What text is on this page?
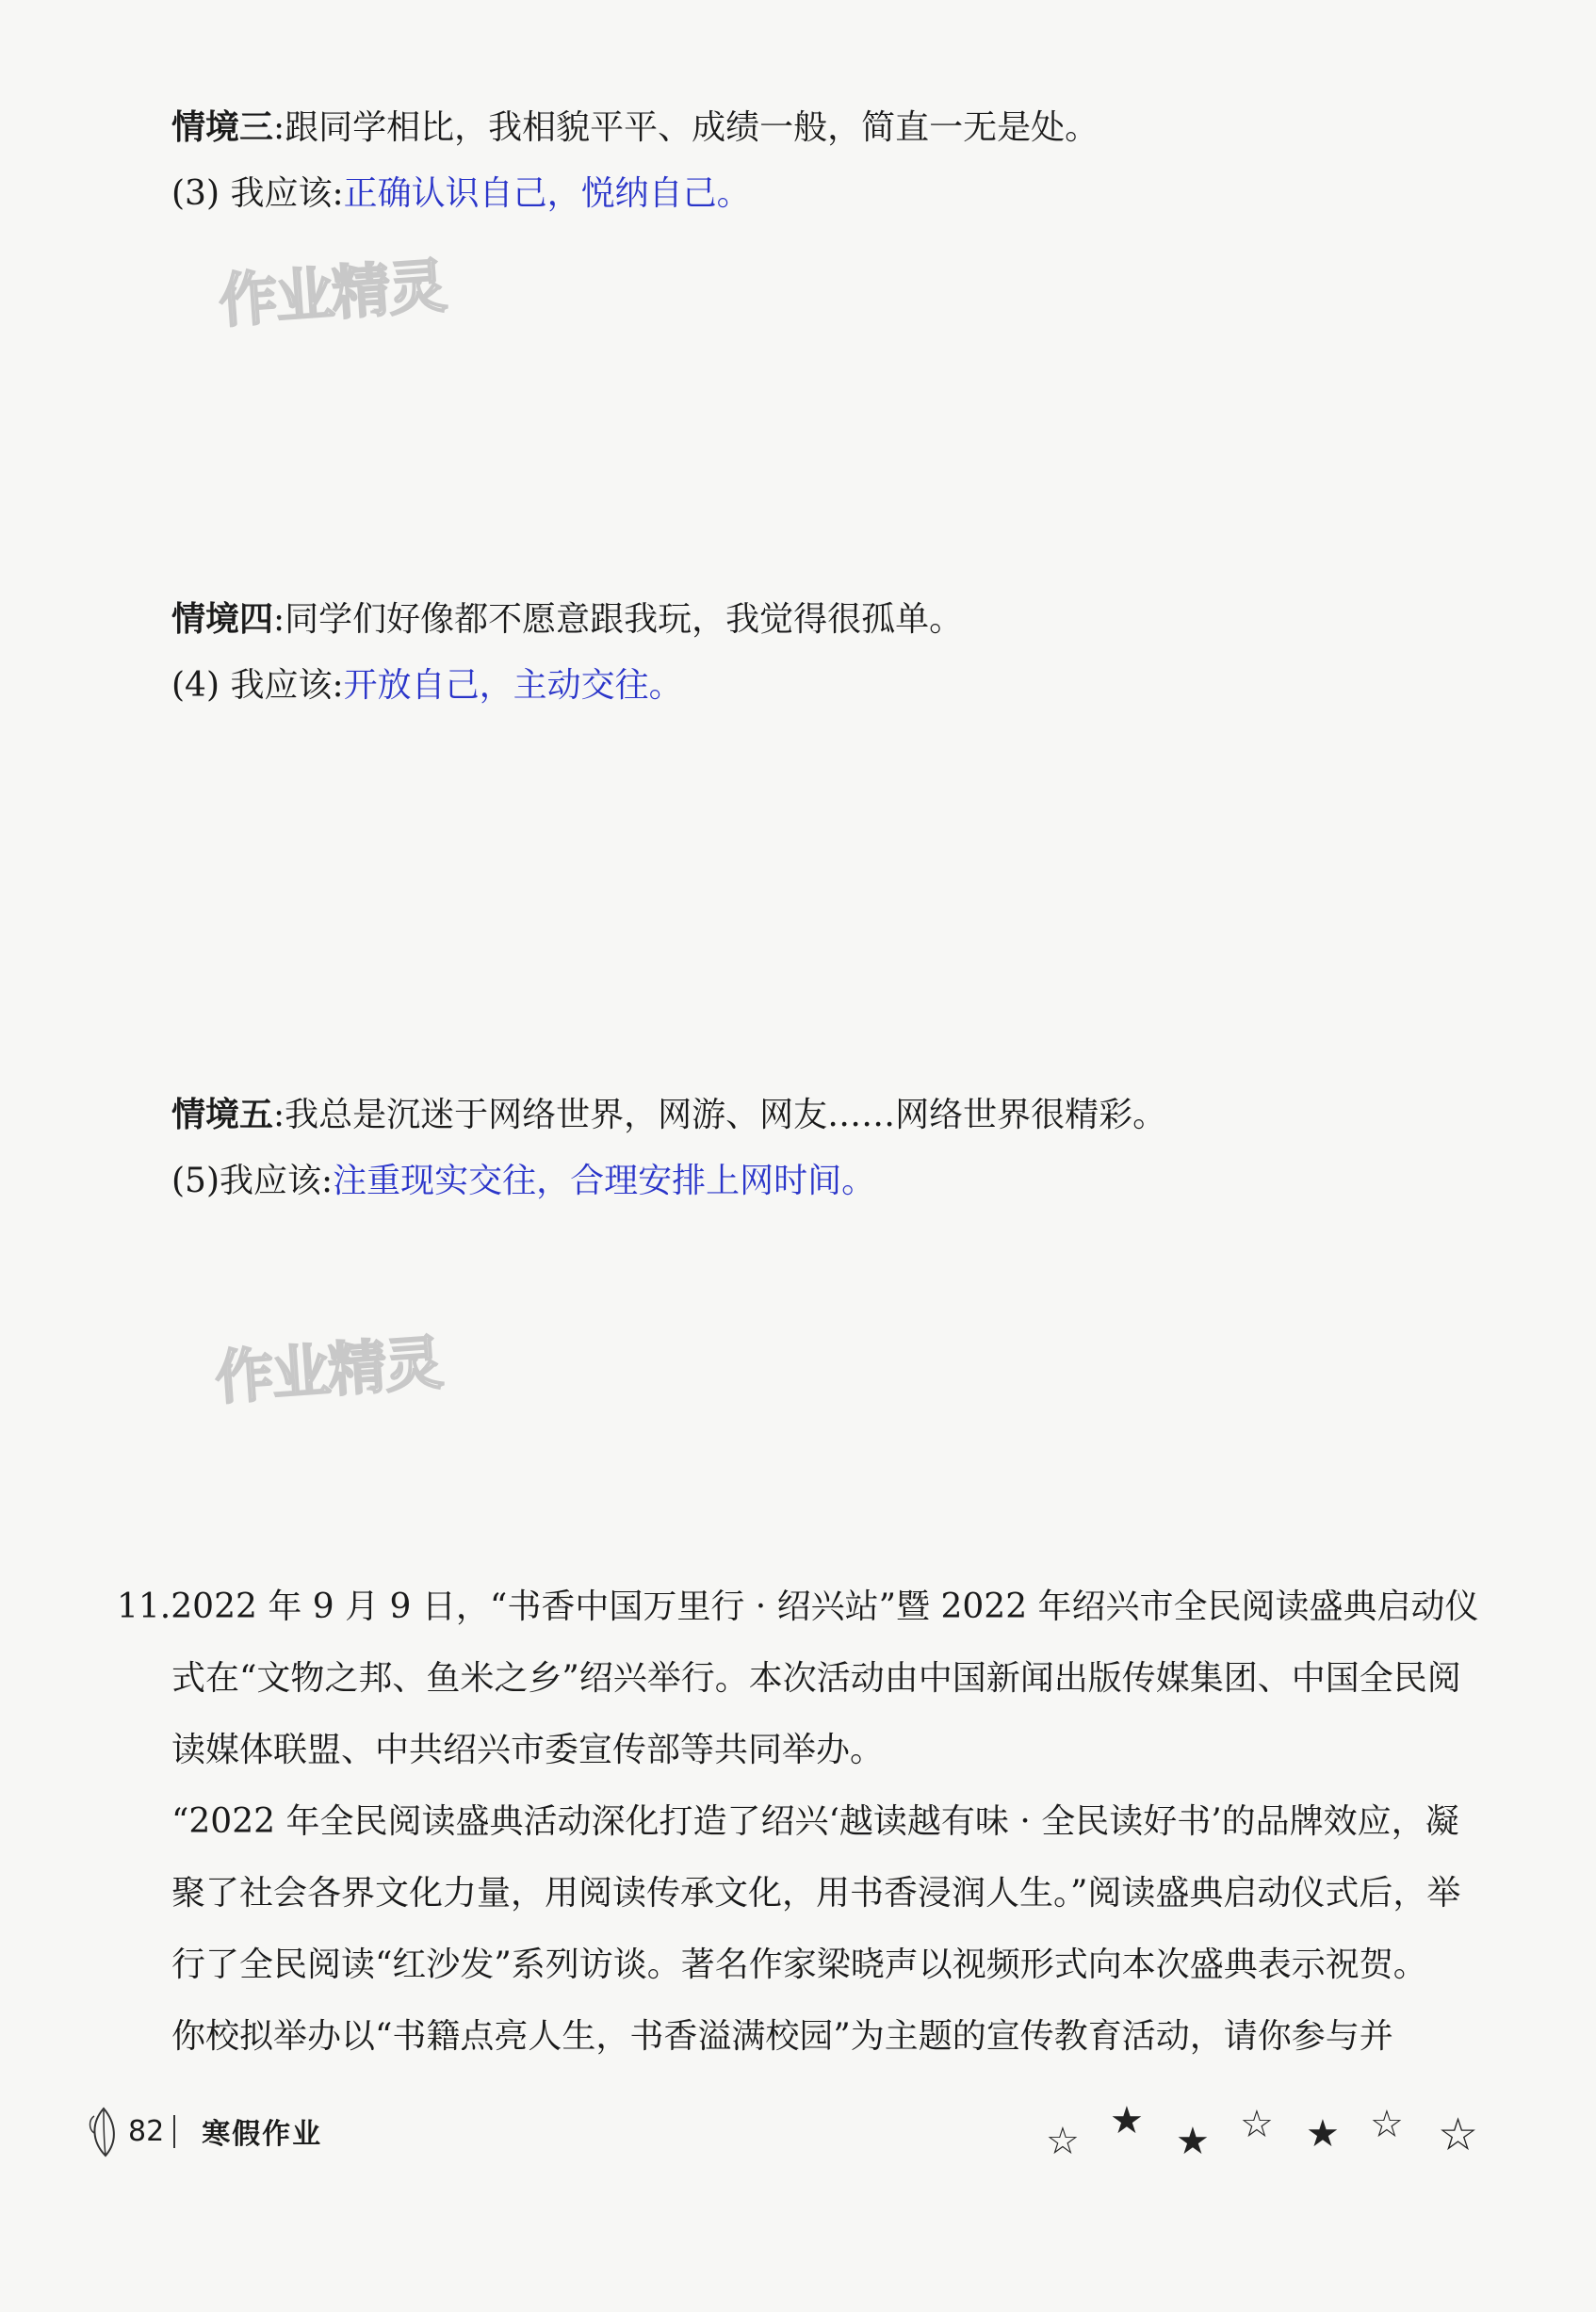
情境三:跟同学相比，我相貌平平、成绩一般，简直一无是处。
(3) 我应该:正确认识自己，悦纳自己。
作业精灵
情境四:同学们好像都不愿意跟我玩，我觉得很孤单。
(4) 我应该:开放自己，主动交往。
情境五:我总是沉迷于网络世界，网游、网友……网络世界很精彩。
(5)我应该:注重现实交往，合理安排上网时间。
作业精灵

11.2022 年 9 月 9 日，“书香中国万里行 · 绍兴站”暨 2022 年绍兴市全民阅读盛典启动仪式在“文物之邦、鱼米之乡”绍兴举行。本次活动由中国新闻出版传媒集团、中国全民阅读媒体联盟、中共绍兴市委宣传部等共同举办。

“2022 年全民阅读盛典活动深化打造了绍兴‘越读越有味 · 全民读好书’的品牌效应，凝聚了社会各界文化力量，用阅读传承文化，用书香浸润人生。”阅读盛典启动仪式后，举行了全民阅读“红沙发”系列访谈。著名作家梁晓声以视频形式向本次盛典表示祝贺。

你校拟举办以“书籍点亮人生，书香溢满校园”为主题的宣传教育活动，请你参与并

82	寒假作业	☆ ★ ★ ☆ ★ ☆ ☆
